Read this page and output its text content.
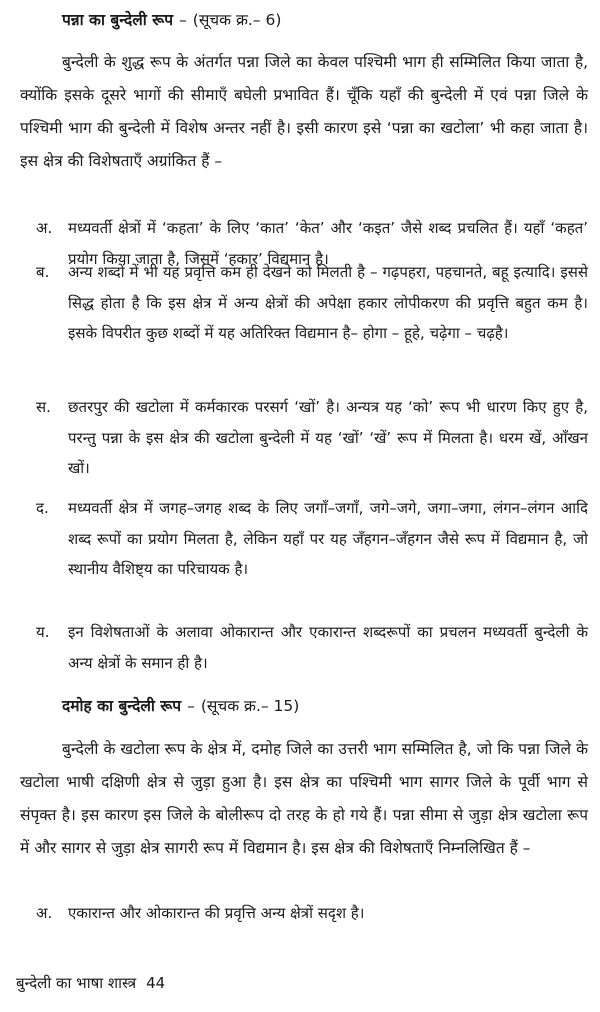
पन्ना का बुन्देली रूप – (सूचक क्र.– 6)

बुन्देली के शुद्ध रूप के अंतर्गत पन्ना जिले का केवल पश्चिमी भाग ही सम्मिलित किया जाता है, क्योंकि इसके दूसरे भागों की सीमाएँ बघेली प्रभावित हैं। चूँकि यहाँ की बुन्देली में एवं पन्ना जिले के पश्चिमी भाग की बुन्देली में विशेष अन्तर नहीं है। इसी कारण इसे ‘पन्ना का खटोला’ भी कहा जाता है। इस क्षेत्र की विशेषताएँ अग्रांकित हैं –

अ.	मध्यवर्ती क्षेत्रों में ‘कहता’ के लिए ‘कात’ ‘केत’ और ‘कइत’ जैसे शब्द प्रचलित हैं। यहाँ ‘कहत’ प्रयोग किया जाता है, जिसमें ‘हकार’ विद्यमान है।
ब.	अन्य शब्दों में भी यह प्रवृत्ति कम ही देखने को मिलती है – गढ़पहरा, पहचानते, बहू इत्यादि। इससे सिद्ध होता है कि इस क्षेत्र में अन्य क्षेत्रों की अपेक्षा हकार लोपीकरण की प्रवृत्ति बहुत कम है। इसके विपरीत कुछ शब्दों में यह अतिरिक्त विद्यमान है– होगा – हूहे, चढ़ेगा – चढ़है।
स.	छतरपुर की खटोला में कर्मकारक परसर्ग ‘खों’ है। अन्यत्र यह ‘को’ रूप भी धारण किए हुए है, परन्तु पन्ना के इस क्षेत्र की खटोला बुन्देली में यह ‘खों’ ‘खें’ रूप में मिलता है। धरम खें, आँखन खों।
द.	मध्यवर्ती क्षेत्र में जगह–जगह शब्द के लिए जगाँ–जगाँ, जगे–जगे, जगा–जगा, लंगन–लंगन आदि शब्द रूपों का प्रयोग मिलता है, लेकिन यहाँ पर यह जँहगन–जँहगन जैसे रूप में विद्यमान है, जो स्थानीय वैशिष्ट्य का परिचायक है।
य.	इन विशेषताओं के अलावा ओकारान्त और एकारान्त शब्दरूपों का प्रचलन मध्यवर्ती बुन्देली के अन्य क्षेत्रों के समान ही है।
दमोह का बुन्देली रूप – (सूचक क्र.– 15)

बुन्देली के खटोला रूप के क्षेत्र में, दमोह जिले का उत्तरी भाग सम्मिलित है, जो कि पन्ना जिले के खटोला भाषी दक्षिणी क्षेत्र से जुड़ा हुआ है। इस क्षेत्र का पश्चिमी भाग सागर जिले के पूर्वी भाग से संपृक्त है। इस कारण इस जिले के बोलीरूप दो तरह के हो गये हैं। पन्ना सीमा से जुड़ा क्षेत्र खटोला रूप में और सागर से जुड़ा क्षेत्र सागरी रूप में विद्यमान है। इस क्षेत्र की विशेषताएँ निम्नलिखित हैं –

अ.	एकारान्त और ओकारान्त की प्रवृत्ति अन्य क्षेत्रों सदृश है।
बुन्देली का भाषा शास्त्र 44
